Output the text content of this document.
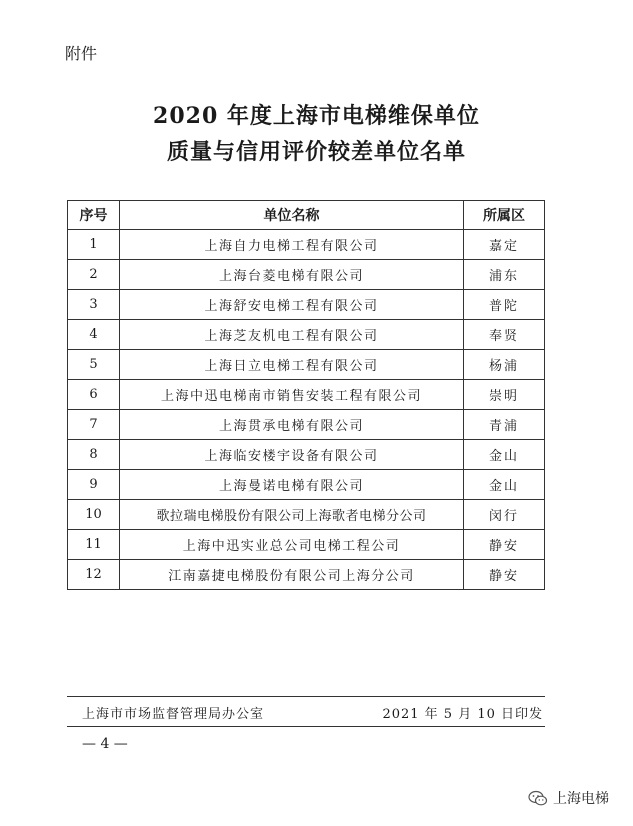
附件
2020 年度上海市电梯维保单位
质量与信用评价较差单位名单
序号	单位名称	所属区
1	上海自力电梯工程有限公司	嘉定
2	上海台菱电梯有限公司	浦东
3	上海舒安电梯工程有限公司	普陀
4	上海芝友机电工程有限公司	奉贤
5	上海日立电梯工程有限公司	杨浦
6	上海中迅电梯南市销售安装工程有限公司	崇明
7	上海贯承电梯有限公司	青浦
8	上海临安楼宇设备有限公司	金山
9	上海曼诺电梯有限公司	金山
10	歌拉瑞电梯股份有限公司上海歌者电梯分公司	闵行
11	上海中迅实业总公司电梯工程公司	静安
12	江南嘉捷电梯股份有限公司上海分公司	静安
上海市市场监督管理局办公室	2021 年 5 月 10 日印发
— 4 —
上海电梯
